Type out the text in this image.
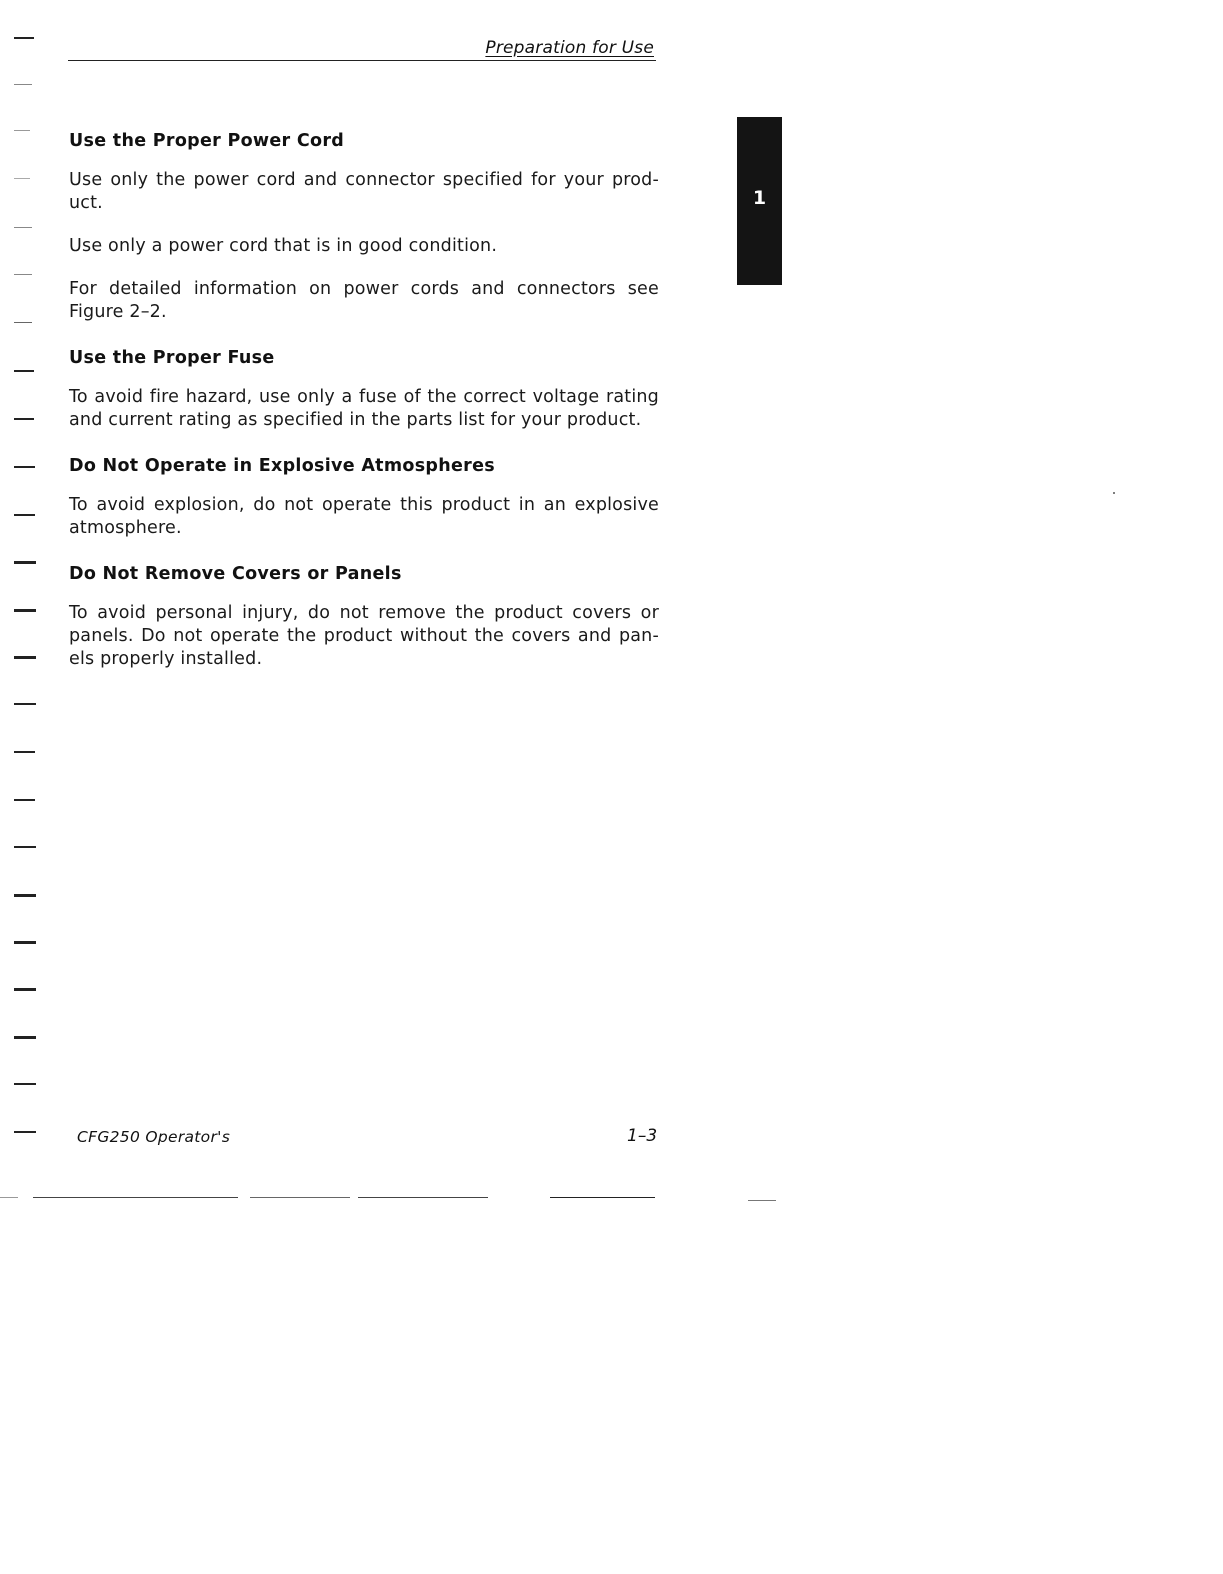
Preparation for Use
1
Use the Proper Power Cord

Use only the power cord and connector specified for your prod-uct.

Use only a power cord that is in good condition.

For detailed information on power cords and connectors see Figure 2–2.

Use the Proper Fuse

To avoid fire hazard, use only a fuse of the correct voltage rating and current rating as specified in the parts list for your product.

Do Not Operate in Explosive Atmospheres

To avoid explosion, do not operate this product in an explosive atmosphere.

Do Not Remove Covers or Panels

To avoid personal injury, do not remove the product covers or panels. Do not operate the product without the covers and pan-els properly installed.

CFG250 Operator's	1–3
